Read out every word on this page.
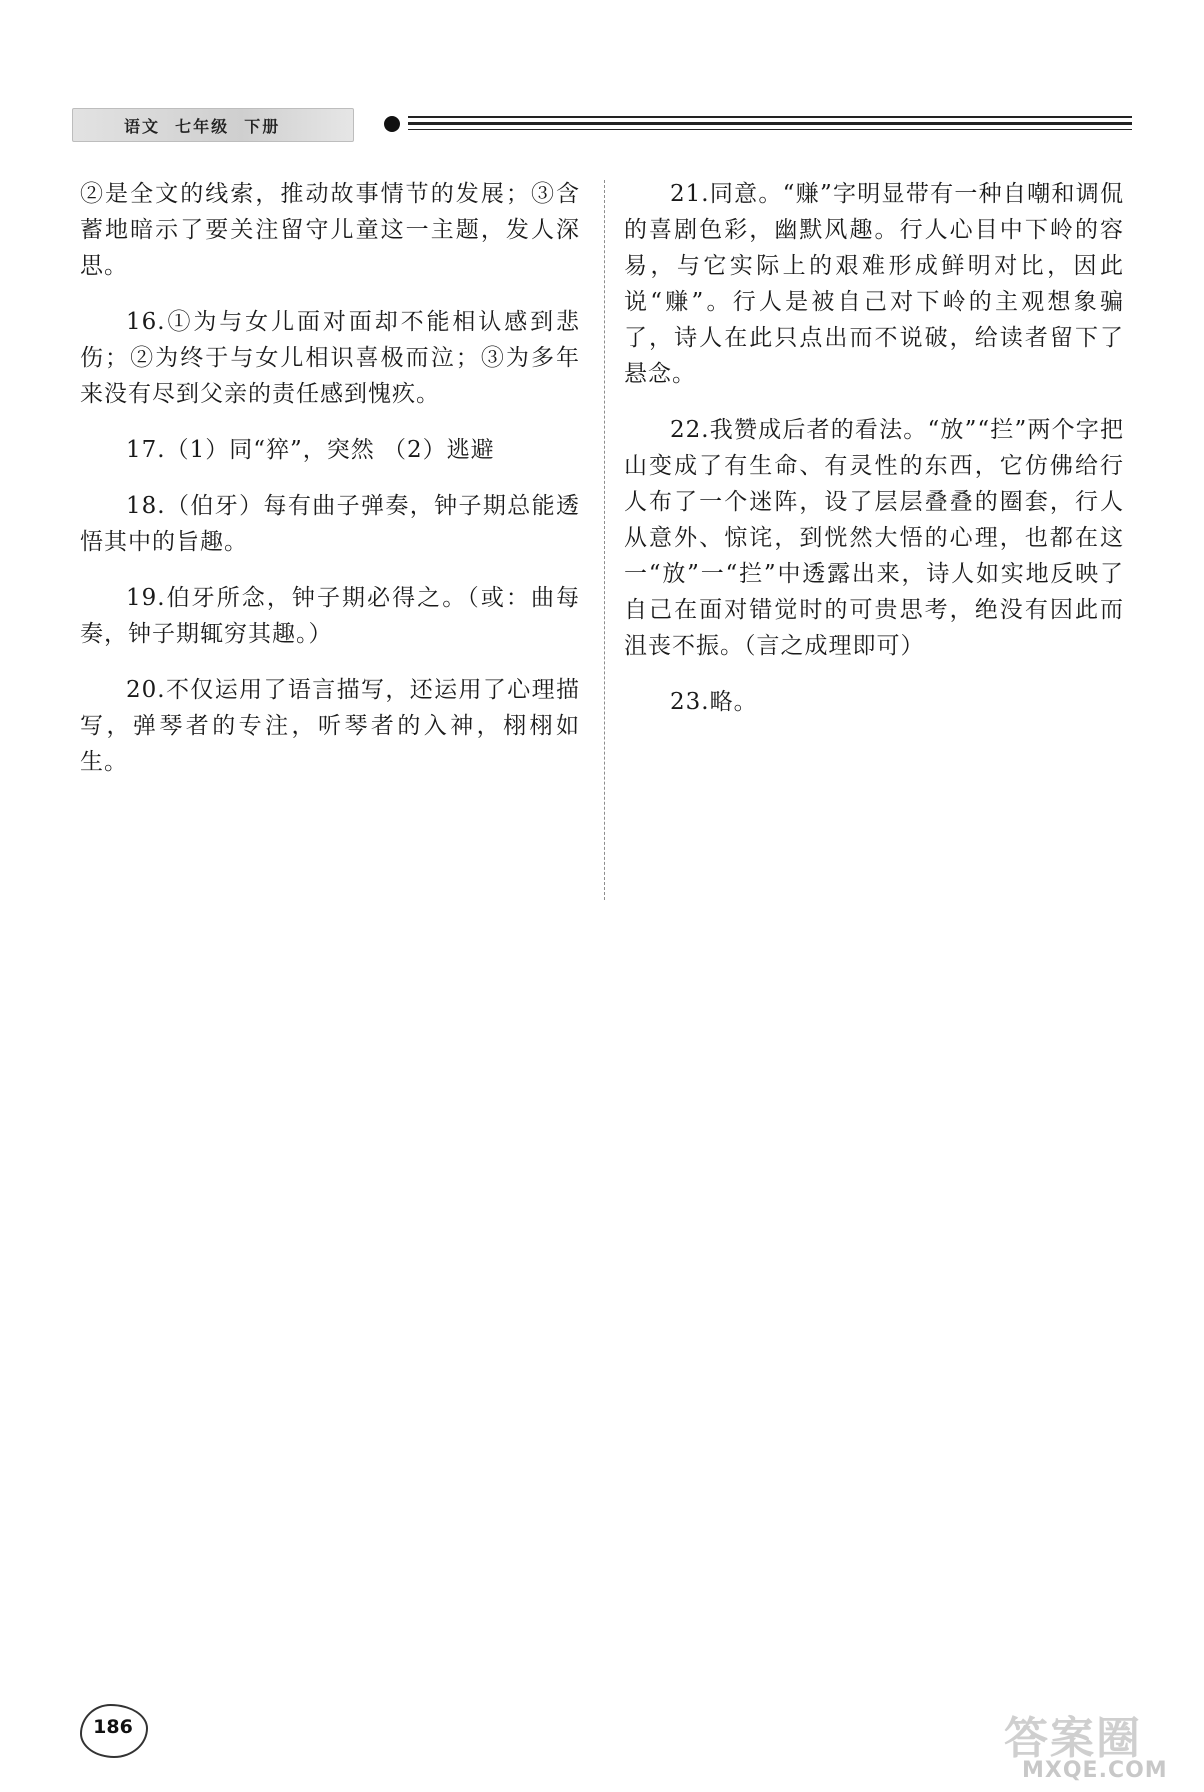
语文  七年级  下册

②是全文的线索，推动故事情节的发展；③含蓄地暗示了要关注留守儿童这一主题，发人深思。

16.①为与女儿面对面却不能相认感到悲伤；②为终于与女儿相识喜极而泣；③为多年来没有尽到父亲的责任感到愧疚。

17.（1）同“猝”，突然 （2）逃避

18.（伯牙）每有曲子弹奏，钟子期总能透悟其中的旨趣。

19.伯牙所念，钟子期必得之。（或：曲每奏，钟子期辄穷其趣。）

20.不仅运用了语言描写，还运用了心理描写，弹琴者的专注，听琴者的入神，栩栩如生。

21.同意。“赚”字明显带有一种自嘲和调侃的喜剧色彩，幽默风趣。行人心目中下岭的容易，与它实际上的艰难形成鲜明对比，因此说“赚”。行人是被自己对下岭的主观想象骗了，诗人在此只点出而不说破，给读者留下了悬念。

22.我赞成后者的看法。“放”“拦”两个字把山变成了有生命、有灵性的东西，它仿佛给行人布了一个迷阵，设了层层叠叠的圈套，行人从意外、惊诧，到恍然大悟的心理，也都在这一“放”一“拦”中透露出来，诗人如实地反映了自己在面对错觉时的可贵思考，绝没有因此而沮丧不振。（言之成理即可）

23.略。

186	答案圈
MXQE.COM
